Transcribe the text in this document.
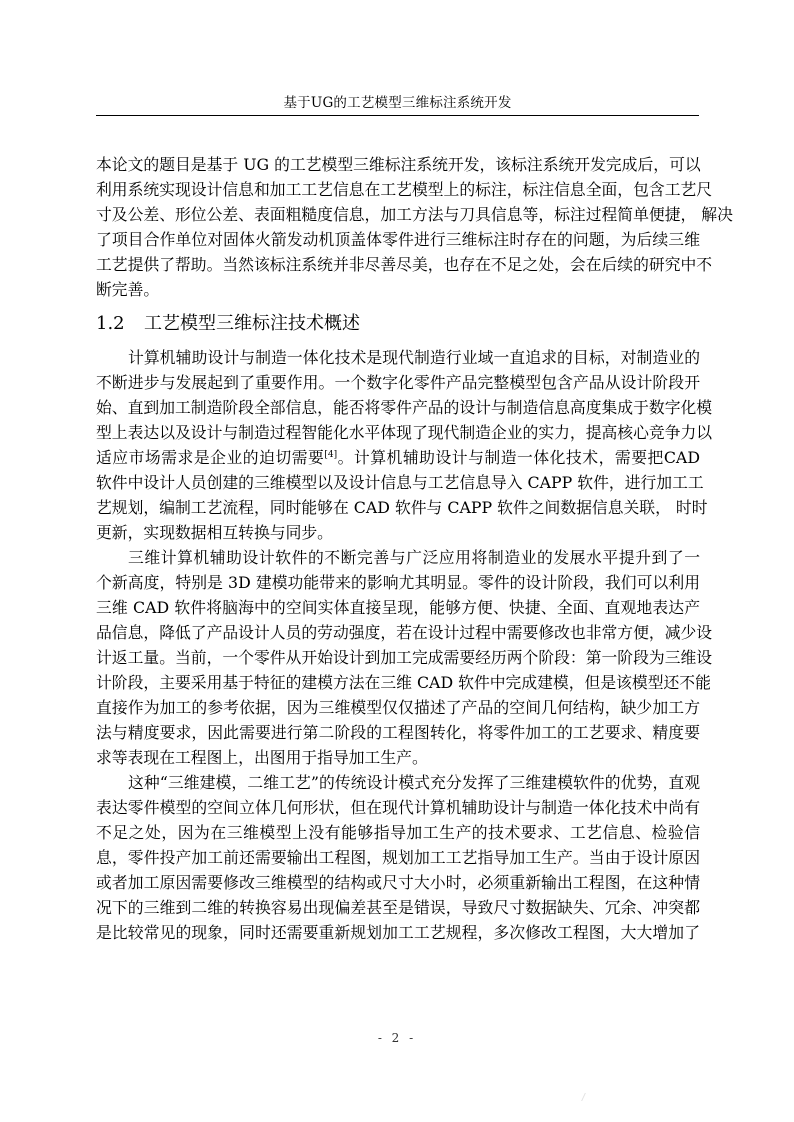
基于UG的工艺模型三维标注系统开发
本论文的题目是基于 UG 的工艺模型三维标注系统开发，该标注系统开发完成后，可以
利用系统实现设计信息和加工工艺信息在工艺模型上的标注，标注信息全面，包含工艺尺
寸及公差、形位公差、表面粗糙度信息，加工方法与刀具信息等，标注过程简单便捷， 解决
了项目合作单位对固体火箭发动机顶盖体零件进行三维标注时存在的问题，为后续三维
工艺提供了帮助。当然该标注系统并非尽善尽美，也存在不足之处，会在后续的研究中不
断完善。
1.2 工艺模型三维标注技术概述
计算机辅助设计与制造一体化技术是现代制造行业域一直追求的目标，对制造业的
不断进步与发展起到了重要作用。一个数字化零件产品完整模型包含产品从设计阶段开
始、直到加工制造阶段全部信息，能否将零件产品的设计与制造信息高度集成于数字化模
型上表达以及设计与制造过程智能化水平体现了现代制造企业的实力，提高核心竞争力以
适应市场需求是企业的迫切需要[4]。计算机辅助设计与制造一体化技术，需要把CAD
软件中设计人员创建的三维模型以及设计信息与工艺信息导入 CAPP 软件，进行加工工
艺规划，编制工艺流程，同时能够在 CAD 软件与 CAPP 软件之间数据信息关联， 时时
更新，实现数据相互转换与同步。
三维计算机辅助设计软件的不断完善与广泛应用将制造业的发展水平提升到了一
个新高度，特别是 3D 建模功能带来的影响尤其明显。零件的设计阶段，我们可以利用
三维 CAD 软件将脑海中的空间实体直接呈现，能够方便、快捷、全面、直观地表达产
品信息，降低了产品设计人员的劳动强度，若在设计过程中需要修改也非常方便，减少设
计返工量。当前，一个零件从开始设计到加工完成需要经历两个阶段：第一阶段为三维设
计阶段，主要采用基于特征的建模方法在三维 CAD 软件中完成建模，但是该模型还不能
直接作为加工的参考依据，因为三维模型仅仅描述了产品的空间几何结构，缺少加工方
法与精度要求，因此需要进行第二阶段的工程图转化，将零件加工的工艺要求、精度要
求等表现在工程图上，出图用于指导加工生产。
这种“三维建模，二维工艺”的传统设计模式充分发挥了三维建模软件的优势，直观
表达零件模型的空间立体几何形状，但在现代计算机辅助设计与制造一体化技术中尚有
不足之处，因为在三维模型上没有能够指导加工生产的技术要求、工艺信息、检验信
息，零件投产加工前还需要输出工程图，规划加工工艺指导加工生产。当由于设计原因
或者加工原因需要修改三维模型的结构或尺寸大小时，必须重新输出工程图，在这种情
况下的三维到二维的转换容易出现偏差甚至是错误，导致尺寸数据缺失、冗余、冲突都
是比较常见的现象，同时还需要重新规划加工工艺规程，多次修改工程图，大大增加了
- 2 -
